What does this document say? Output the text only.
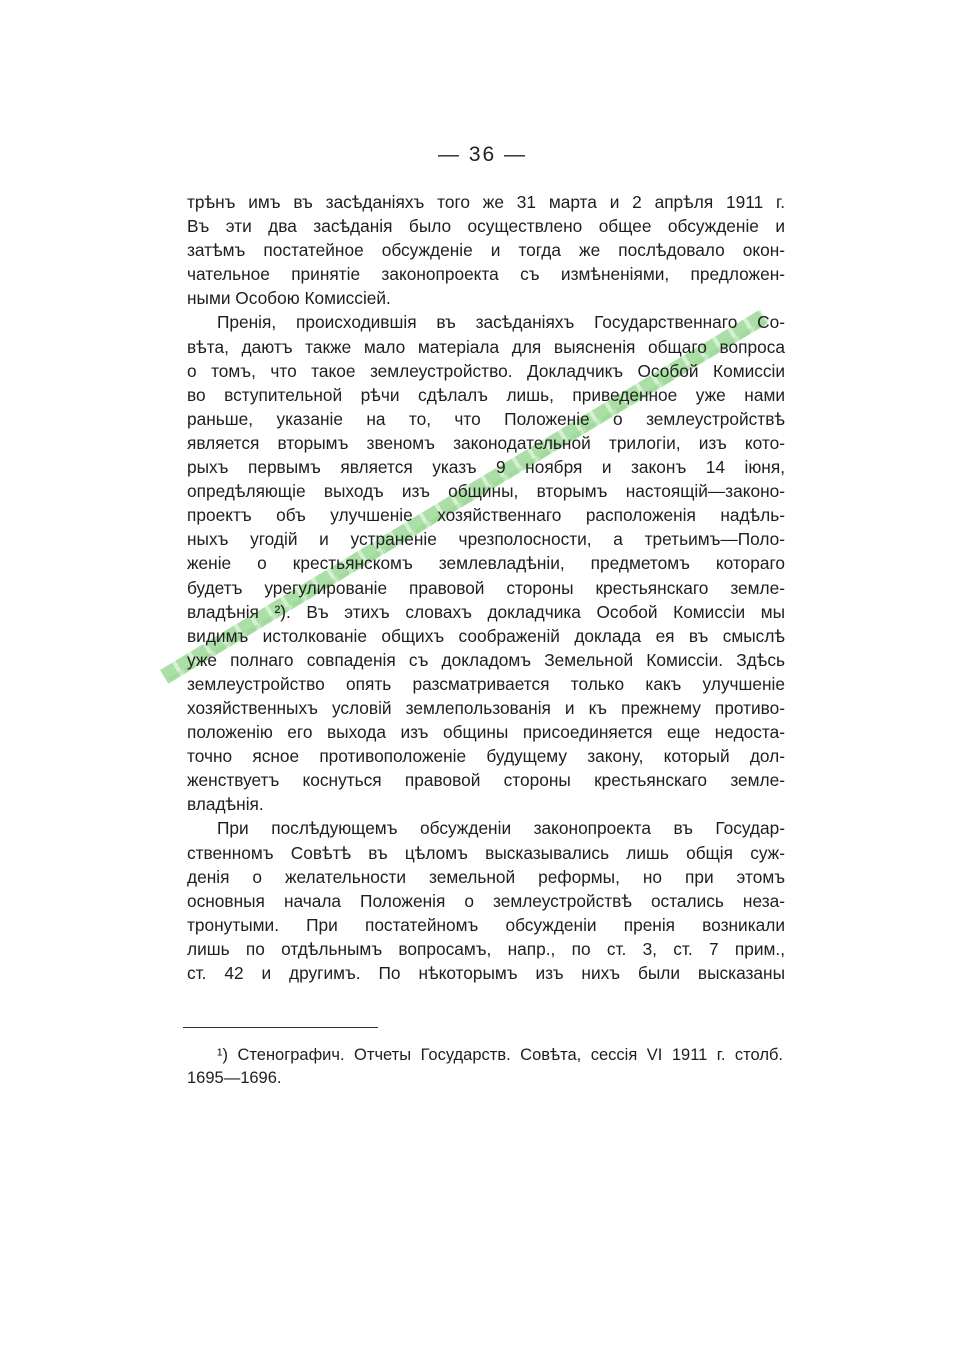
— 36 —
трѣнъ имъ въ засѣданіяхъ того же 31 марта и 2 апрѣля 1911 г.
Въ эти два засѣданія было осуществлено общее обсужденіе и
затѣмъ постатейное обсужденіе и тогда же послѣдовало окон-
чательное принятіе законопроекта съ измѣненіями, предложен-
ными Особою Комиссіей.
Пренія, происходившія въ засѣданіяхъ Государственнаго Со-
вѣта, даютъ также мало матеріала для выясненія общаго вопроса
о томъ, что такое землеустройство. Докладчикъ Особой Комиссіи
во вступительной рѣчи сдѣлалъ лишь, приведенное уже нами
раньше, указаніе на то, что Положеніе о землеустройствѣ
является вторымъ звеномъ законодательной трилогіи, изъ кото-
рыхъ первымъ является указъ 9 ноября и законъ 14 іюня,
опредѣляющіе выходъ изъ общины, вторымъ настоящій—законо-
проектъ объ улучшеніе хозяйственнаго расположенія надѣль-
ныхъ угодій и устраненіе чрезполосности, а третьимъ—Поло-
женіе о крестьянскомъ землевладѣніи, предметомъ котораго
будетъ урегулированіе правовой стороны крестьянскаго земле-
владѣнія ²). Въ этихъ словахъ докладчика Особой Комиссіи мы
видимъ истолкованіе общихъ соображеній доклада ея въ смыслѣ
уже полнаго совпаденія съ докладомъ Земельной Комиссіи. Здѣсь
землеустройство опять разсматривается только какъ улучшеніе
хозяйственныхъ условій землепользованія и къ прежнему противо-
положенію его выхода изъ общины присоединяется еще недоста-
точно ясное противоположеніе будущему закону, который дол-
женствуетъ коснуться правовой стороны крестьянскаго земле-
владѣнія.
При послѣдующемъ обсужденіи законопроекта въ Государ-
ственномъ Совѣтѣ въ цѣломъ высказывались лишь общія суж-
денія о желательности земельной реформы, но при этомъ
основныя начала Положенія о землеустройствѣ остались неза-
тронутыми. При постатейномъ обсужденіи пренія возникали
лишь по отдѣльнымъ вопросамъ, напр., по ст. 3, ст. 7 прим.,
ст. 42 и другимъ. По нѣкоторымъ изъ нихъ были высказаны
¹) Стенографич. Отчеты Государств. Совѣта, сессія VI 1911 г. столб.
1695—1696.
